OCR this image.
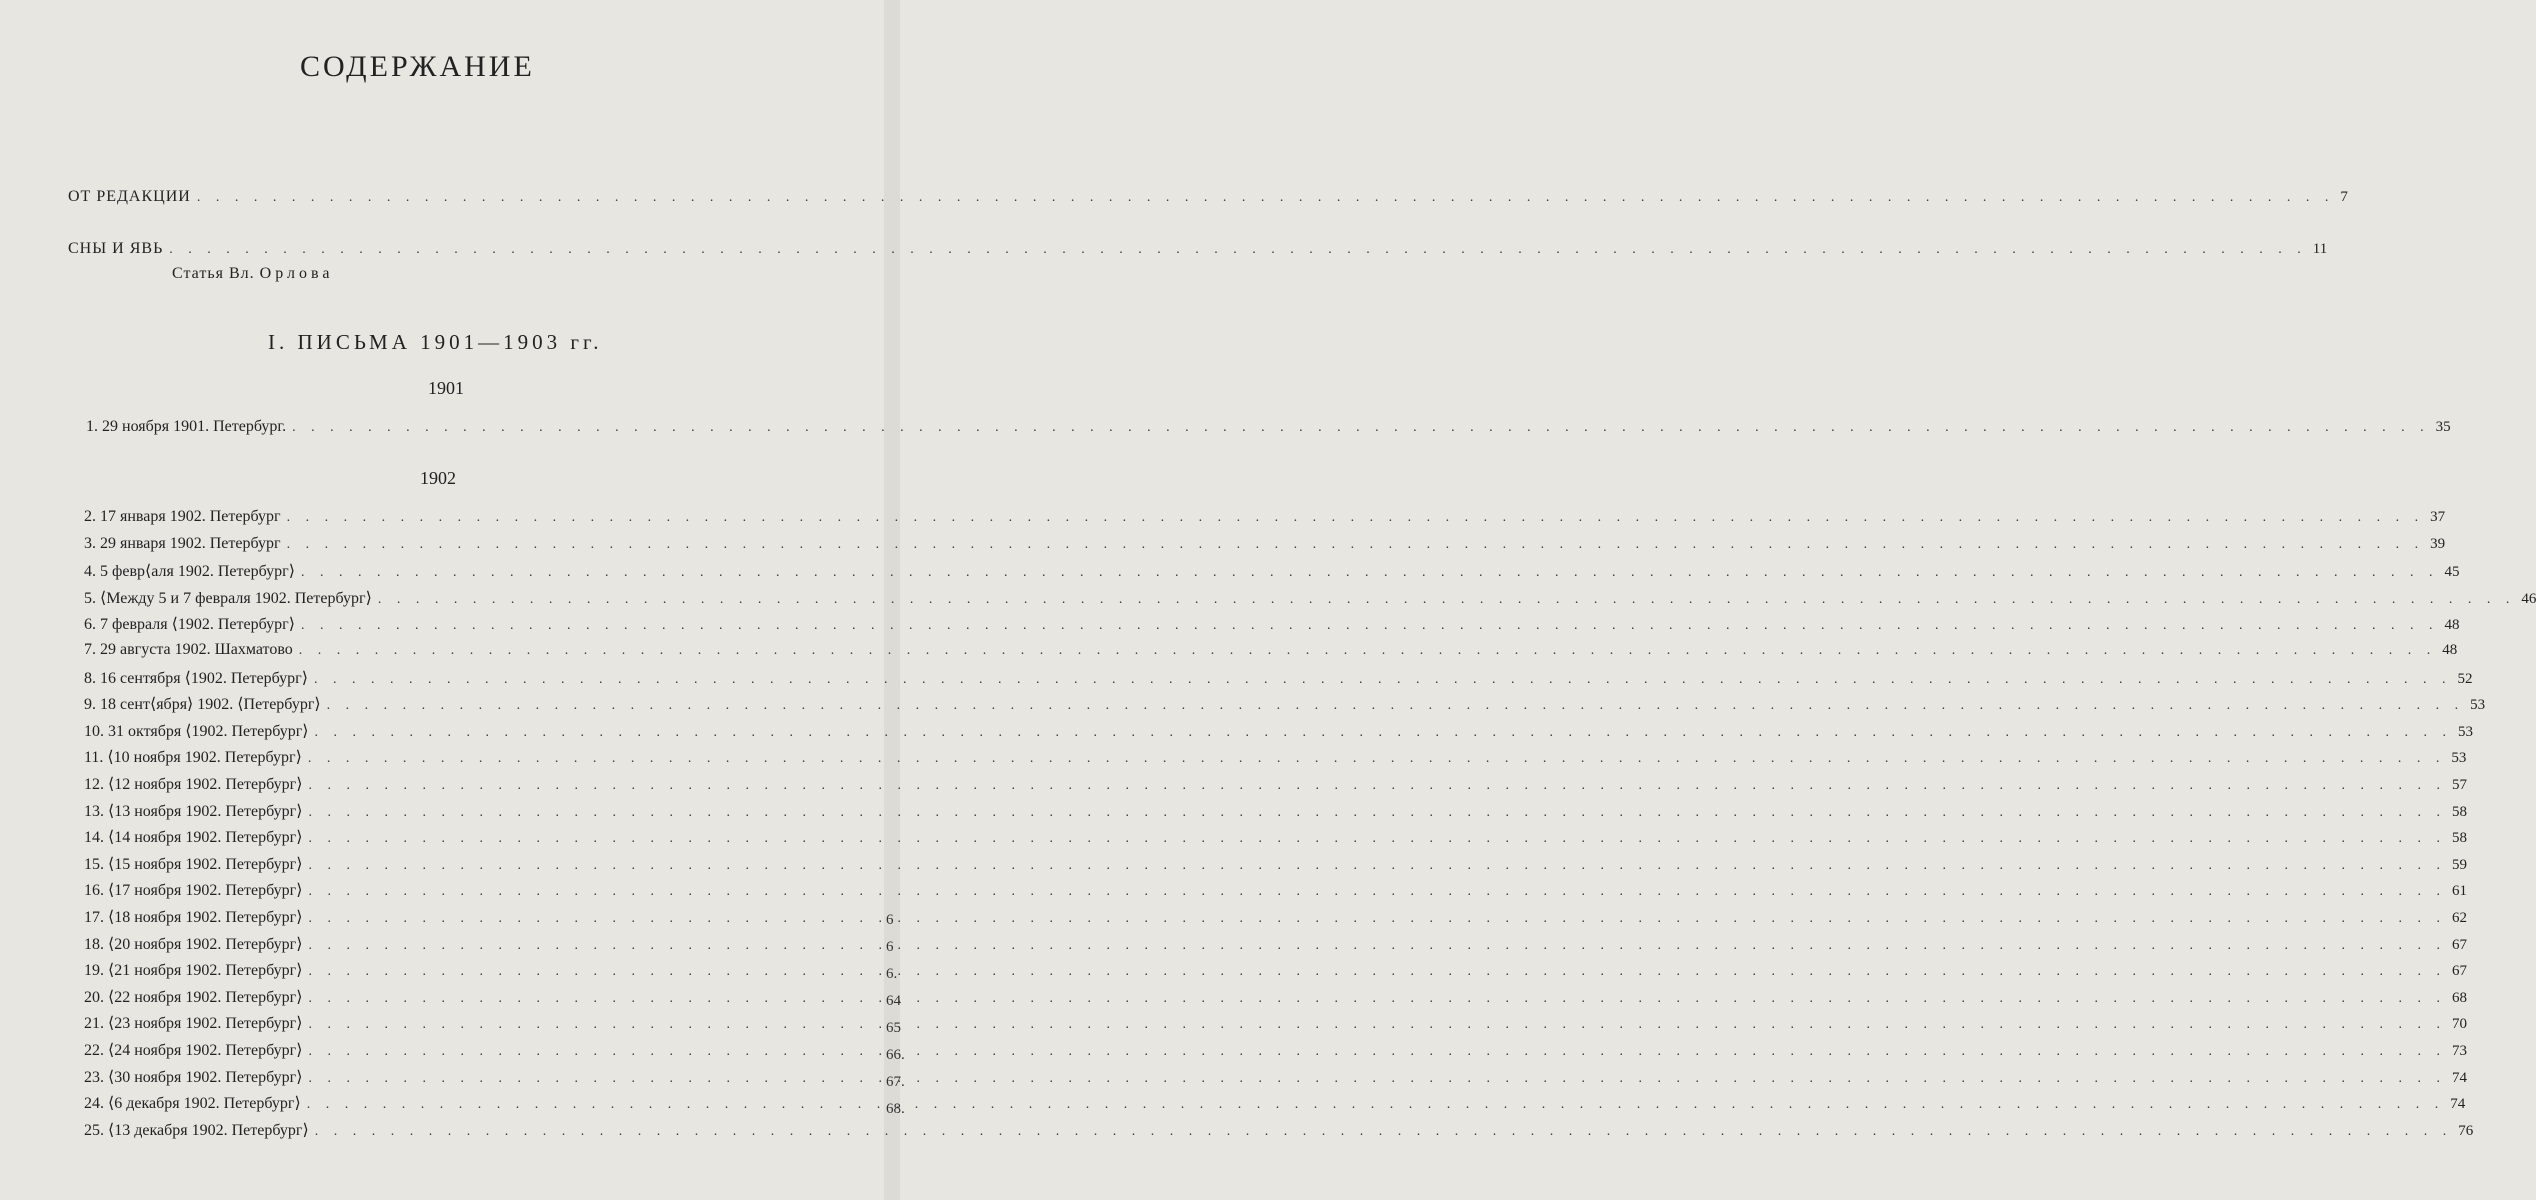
6
6
6.
64
65
66.
67.
68.
СОДЕРЖАНИЕ
ОТ РЕДАКЦИИ . . .	7
СНЫ И ЯВЬ . . .	11
Статья Вл. Орлова
I. ПИСЬМА 1901—1903 гг.
1901
1. 29 ноября 1901. Петербург. . . .	35
1902
2. 17 января 1902. Петербург . . .	37
3. 29 января 1902. Петербург . . .	39
4. 5 февр⟨аля 1902. Петербург⟩ . . .	45
5. ⟨Между 5 и 7 февраля 1902. Петербург⟩ . . .	46
6. 7 февраля ⟨1902. Петербург⟩ . . .	48
7. 29 августа 1902. Шахматово . . .	48
8. 16 сентября ⟨1902. Петербург⟩ . . .	52
9. 18 сент⟨ября⟩ 1902. ⟨Петербург⟩ . . .	53
10. 31 октября ⟨1902. Петербург⟩ . . .	53
11. ⟨10 ноября 1902. Петербург⟩ . . .	53
12. ⟨12 ноября 1902. Петербург⟩ . . .	57
13. ⟨13 ноября 1902. Петербург⟩ . . .	58
14. ⟨14 ноября 1902. Петербург⟩ . . .	58
15. ⟨15 ноября 1902. Петербург⟩ . . .	59
16. ⟨17 ноября 1902. Петербург⟩ . . .	61
17. ⟨18 ноября 1902. Петербург⟩ . . .	62
18. ⟨20 ноября 1902. Петербург⟩ . . .	67
19. ⟨21 ноября 1902. Петербург⟩ . . .	67
20. ⟨22 ноября 1902. Петербург⟩ . . .	68
21. ⟨23 ноября 1902. Петербург⟩ . . .	70
22. ⟨24 ноября 1902. Петербург⟩ . . .	73
23. ⟨30 ноября 1902. Петербург⟩ . . .	74
24. ⟨6 декабря 1902. Петербург⟩ . . .	74
25. ⟨13 декабря 1902. Петербург⟩ . . .	76
